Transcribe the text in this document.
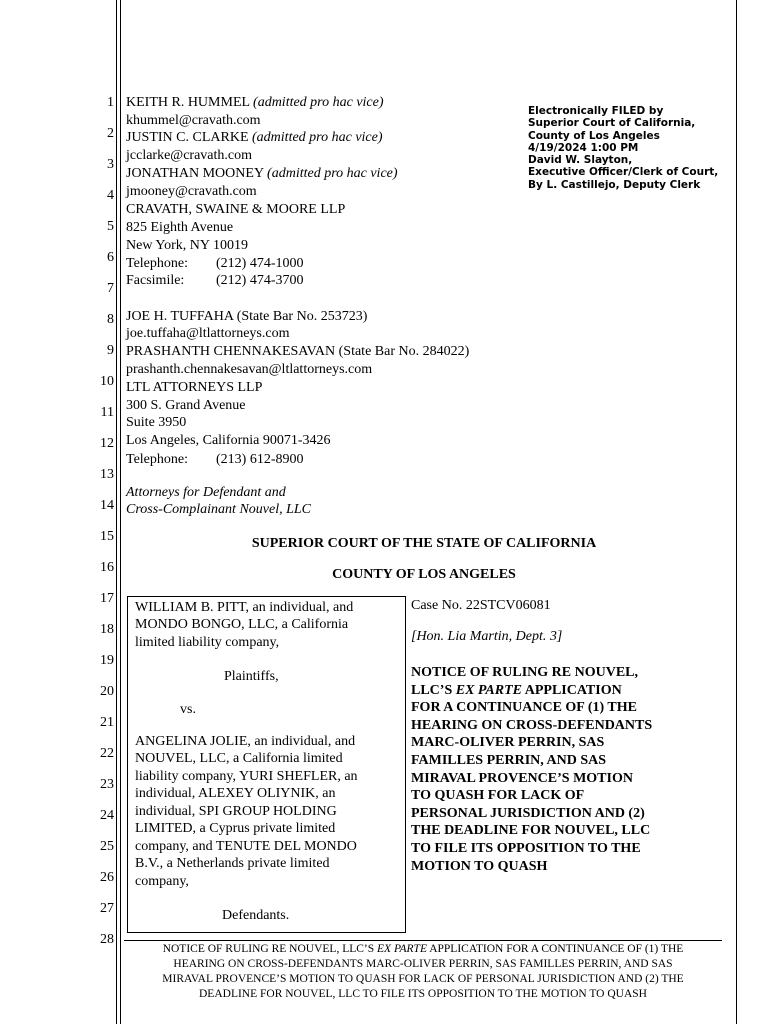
1
2
3
4
5
6
7
8
9
10
11
12
13
14
15
16
17
18
19
20
21
22
23
24
25
26
27
28
KEITH R. HUMMEL (admitted pro hac vice)
khummel@cravath.com
JUSTIN C. CLARKE (admitted pro hac vice)
jcclarke@cravath.com
JONATHAN MOONEY (admitted pro hac vice)
jmooney@cravath.com
CRAVATH, SWAINE & MOORE LLP
825 Eighth Avenue
New York, NY 10019
Telephone: (212) 474-1000
Facsimile: (212) 474-3700
JOE H. TUFFAHA (State Bar No. 253723)
joe.tuffaha@ltlattorneys.com
PRASHANTH CHENNAKESAVAN (State Bar No. 284022)
prashanth.chennakesavan@ltlattorneys.com
LTL ATTORNEYS LLP
300 S. Grand Avenue
Suite 3950
Los Angeles, California 90071-3426
Telephone: (213) 612-8900
Attorneys for Defendant and
Cross-Complainant Nouvel, LLC
Electronically FILED by
Superior Court of California,
County of Los Angeles
4/19/2024 1:00 PM
David W. Slayton,
Executive Officer/Clerk of Court,
By L. Castillejo, Deputy Clerk
SUPERIOR COURT OF THE STATE OF CALIFORNIA
COUNTY OF LOS ANGELES
WILLIAM B. PITT, an individual, and
MONDO BONGO, LLC, a California
limited liability company,
Plaintiffs,
vs.
ANGELINA JOLIE, an individual, and
NOUVEL, LLC, a California limited
liability company, YURI SHEFLER, an
individual, ALEXEY OLIYNIK, an
individual, SPI GROUP HOLDING
LIMITED, a Cyprus private limited
company, and TENUTE DEL MONDO
B.V., a Netherlands private limited
company,
Defendants.
Case No. 22STCV06081
[Hon. Lia Martin, Dept. 3]
NOTICE OF RULING RE NOUVEL,
LLC’S EX PARTE APPLICATION
FOR A CONTINUANCE OF (1) THE
HEARING ON CROSS-DEFENDANTS
MARC-OLIVER PERRIN, SAS
FAMILLES PERRIN, AND SAS
MIRAVAL PROVENCE’S MOTION
TO QUASH FOR LACK OF
PERSONAL JURISDICTION AND (2)
THE DEADLINE FOR NOUVEL, LLC
TO FILE ITS OPPOSITION TO THE
MOTION TO QUASH
NOTICE OF RULING RE NOUVEL, LLC’S EX PARTE APPLICATION FOR A CONTINUANCE OF (1) THE
HEARING ON CROSS-DEFENDANTS MARC-OLIVER PERRIN, SAS FAMILLES PERRIN, AND SAS
MIRAVAL PROVENCE’S MOTION TO QUASH FOR LACK OF PERSONAL JURISDICTION AND (2) THE
DEADLINE FOR NOUVEL, LLC TO FILE ITS OPPOSITION TO THE MOTION TO QUASH
